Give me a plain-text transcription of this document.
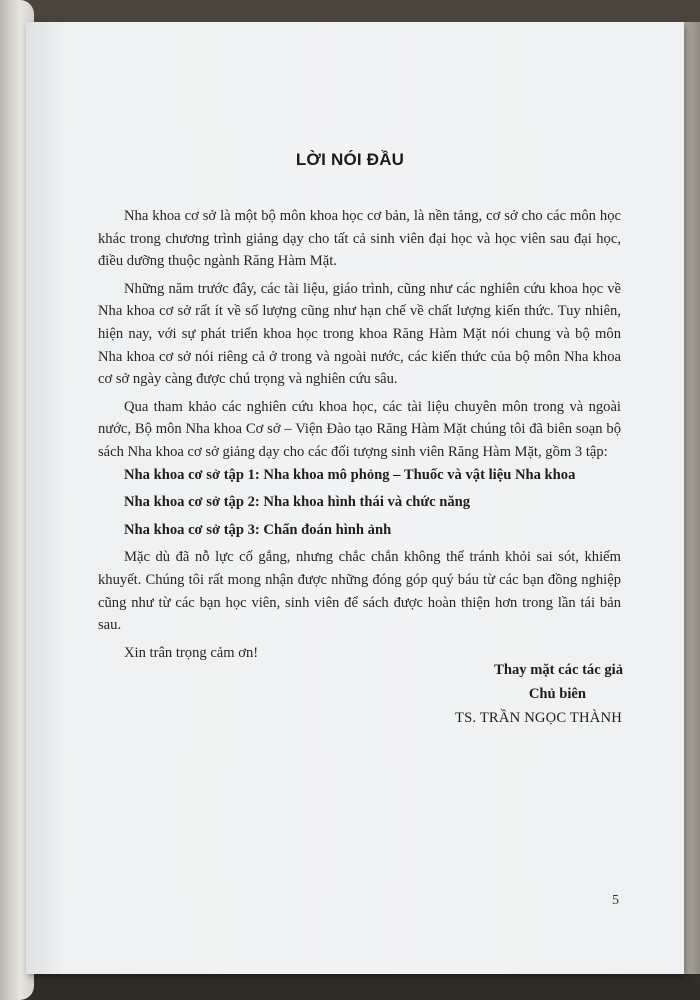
LỜI NÓI ĐẦU

Nha khoa cơ sở là một bộ môn khoa học cơ bản, là nền tảng, cơ sở cho các môn học khác trong chương trình giảng dạy cho tất cả sinh viên đại học và học viên sau đại học, điều dưỡng thuộc ngành Răng Hàm Mặt.

Những năm trước đây, các tài liệu, giáo trình, cũng như các nghiên cứu khoa học về Nha khoa cơ sở rất ít về số lượng cũng như hạn chế về chất lượng kiến thức. Tuy nhiên, hiện nay, với sự phát triển khoa học trong khoa Răng Hàm Mặt nói chung và bộ môn Nha khoa cơ sở nói riêng cả ở trong và ngoài nước, các kiến thức của bộ môn Nha khoa cơ sở ngày càng được chú trọng và nghiên cứu sâu.

Qua tham khảo các nghiên cứu khoa học, các tài liệu chuyên môn trong và ngoài nước, Bộ môn Nha khoa Cơ sở – Viện Đào tạo Răng Hàm Mặt chúng tôi đã biên soạn bộ sách Nha khoa cơ sở giảng dạy cho các đối tượng sinh viên Răng Hàm Mặt, gồm 3 tập:

Nha khoa cơ sở tập 1: Nha khoa mô phỏng – Thuốc và vật liệu Nha khoa

Nha khoa cơ sở tập 2: Nha khoa hình thái và chức năng

Nha khoa cơ sở tập 3: Chẩn đoán hình ảnh

Mặc dù đã nỗ lực cố gắng, nhưng chắc chắn không thể tránh khỏi sai sót, khiếm khuyết. Chúng tôi rất mong nhận được những đóng góp quý báu từ các bạn đồng nghiệp cũng như từ các bạn học viên, sinh viên để sách được hoàn thiện hơn trong lần tái bản sau.

Xin trân trọng cảm ơn!

Thay mặt các tác giả
Chủ biên
TS. TRẦN NGỌC THÀNH
5
